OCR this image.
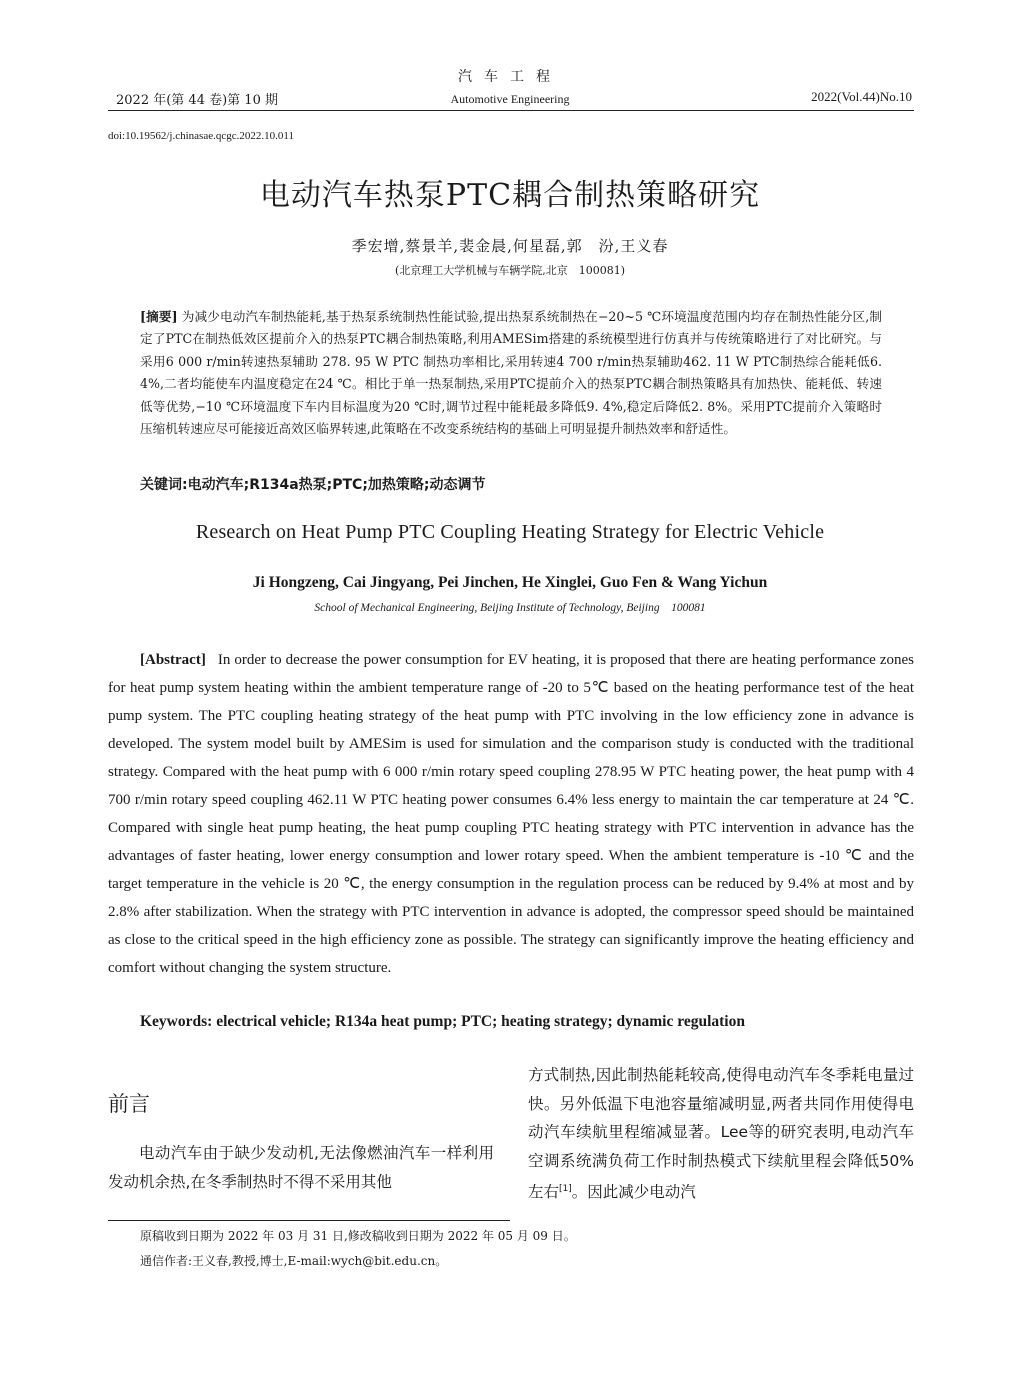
汽车工程
2022 年(第 44 卷)第 10 期	Automotive Engineering	2022(Vol.44)No.10
doi:10.19562/j.chinasae.qcgc.2022.10.011
电动汽车热泵PTC耦合制热策略研究
季宏增,蔡景羊,裴金晨,何星磊,郭　汾,王义春
(北京理工大学机械与车辆学院,北京　100081)
[摘要] 为减少电动汽车制热能耗,基于热泵系统制热性能试验,提出热泵系统制热在−20~5 ℃环境温度范围内均存在制热性能分区,制定了PTC在制热低效区提前介入的热泵PTC耦合制热策略,利用AMESim搭建的系统模型进行仿真并与传统策略进行了对比研究。与采用6 000 r/min转速热泵辅助 278. 95 W PTC 制热功率相比,采用转速4 700 r/min热泵辅助462. 11 W PTC制热综合能耗低6. 4%,二者均能使车内温度稳定在24 ℃。相比于单一热泵制热,采用PTC提前介入的热泵PTC耦合制热策略具有加热快、能耗低、转速低等优势,−10 ℃环境温度下车内目标温度为20 ℃时,调节过程中能耗最多降低9. 4%,稳定后降低2. 8%。采用PTC提前介入策略时压缩机转速应尽可能接近高效区临界转速,此策略在不改变系统结构的基础上可明显提升制热效率和舒适性。
关键词:电动汽车;R134a热泵;PTC;加热策略;动态调节
Research on Heat Pump PTC Coupling Heating Strategy for Electric Vehicle
Ji Hongzeng, Cai Jingyang, Pei Jinchen, He Xinglei, Guo Fen & Wang Yichun
School of Mechanical Engineering, Beijing Institute of Technology, Beijing　100081
[Abstract] In order to decrease the power consumption for EV heating, it is proposed that there are heating performance zones for heat pump system heating within the ambient temperature range of -20 to 5℃ based on the heating performance test of the heat pump system. The PTC coupling heating strategy of the heat pump with PTC involving in the low efficiency zone in advance is developed. The system model built by AMESim is used for simulation and the comparison study is conducted with the traditional strategy. Compared with the heat pump with 6 000 r/min rotary speed coupling 278.95 W PTC heating power, the heat pump with 4 700 r/min rotary speed coupling 462.11 W PTC heating power consumes 6.4% less energy to maintain the car temperature at 24 ℃. Compared with single heat pump heating, the heat pump coupling PTC heating strategy with PTC intervention in advance has the advantages of faster heating, lower energy consumption and lower rotary speed. When the ambient temperature is -10 ℃ and the target temperature in the vehicle is 20 ℃, the energy consumption in the regulation process can be reduced by 9.4% at most and by 2.8% after stabilization. When the strategy with PTC intervention in advance is adopted, the compressor speed should be maintained as close to the critical speed in the high efficiency zone as possible. The strategy can significantly improve the heating efficiency and comfort without changing the system structure.
Keywords: electrical vehicle; R134a heat pump; PTC; heating strategy; dynamic regulation
前言
电动汽车由于缺少发动机,无法像燃油汽车一样利用发动机余热,在冬季制热时不得不采用其他
方式制热,因此制热能耗较高,使得电动汽车冬季耗电量过快。另外低温下电池容量缩减明显,两者共同作用使得电动汽车续航里程缩减显著。Lee等的研究表明,电动汽车空调系统满负荷工作时制热模式下续航里程会降低50%左右[1]。因此减少电动汽
原稿收到日期为 2022 年 03 月 31 日,修改稿收到日期为 2022 年 05 月 09 日。
通信作者:王义春,教授,博士,E-mail:wych@bit.edu.cn。
